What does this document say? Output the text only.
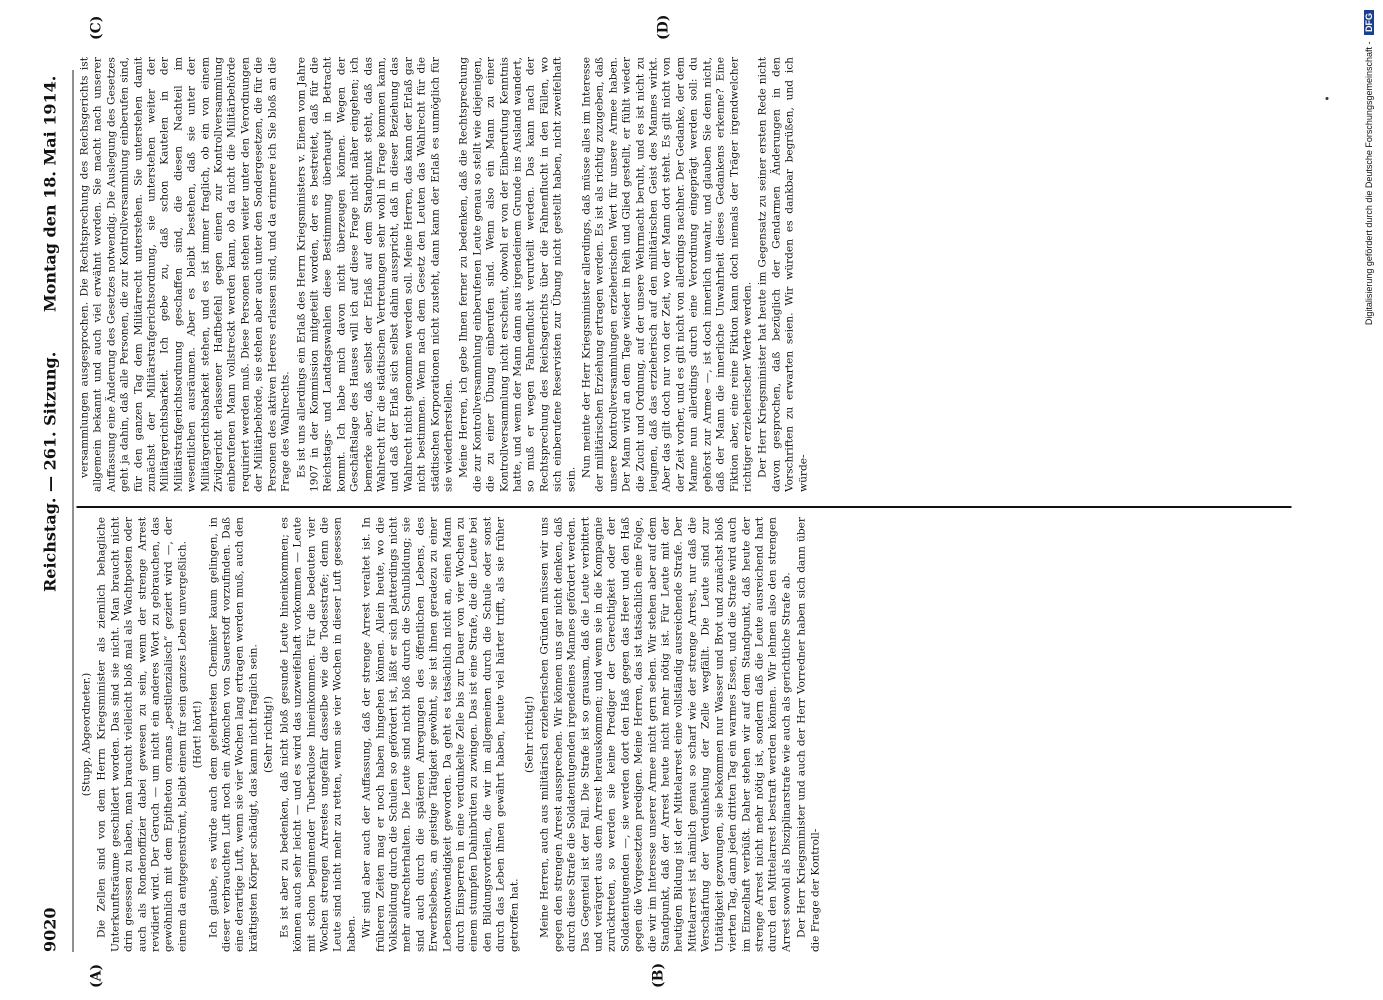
9020
Reichstag. — 261. Sitzung.
Montag den 18. Mai 1914.
(A)	(B)
(C)	(D)

(Stupp, Abgeordneter.) Die Zellen sind von dem Herrn Kriegsminister als ziemlich behagliche Unterkunftsräume geschildert worden. Das sind sie nicht. Man braucht nicht drin gesessen zu haben, man braucht vielleicht bloß mal als Wachtposten oder auch als Rondenoffizier dabei gewesen zu sein, wenn der strenge Arrest revidiert wird. Der Geruch — um nicht ein anderes Wort zu gebrauchen, das gewöhnlich mit dem Epitheton ornans „pestilenzialisch“ geziert wird —, der einem da entgegenströmt, bleibt einem für sein ganzes Leben unvergeßlich. (Hört! hört!) Ich glaube, es würde auch dem gelehrtesten Chemiker kaum gelingen, in dieser verbrauchten Luft noch ein Atömchen von Sauerstoff vorzufinden. Daß eine derartige Luft, wenn sie vier Wochen lang ertragen werden muß, auch den kräftigsten Körper schädigt, das kann nicht fraglich sein. (Sehr richtig!) Es ist aber zu bedenken, daß nicht bloß gesunde Leute hineinkommen; es können auch sehr leicht — und es wird das unzweifelhaft vorkommen — Leute mit schon beginnender Tuberkulose hineinkommen. Für die bedeuten vier Wochen strengen Arrestes ungefähr dasselbe wie die Todesstrafe; denn die Leute sind nicht mehr zu retten, wenn sie vier Wochen in dieser Luft gesessen haben. Wir sind aber auch der Auffassung, daß der strenge Arrest veraltet ist. In früheren Zeiten mag er noch haben hingehen können. Allein heute, wo die Volksbildung durch die Schulen so gefördert ist, läßt er sich platterdings nicht mehr aufrechterhalten. Die Leute sind nicht bloß durch die Schulbildung; sie sind auch durch die späteren Anregungen des öffentlichen Lebens, des Erwerbslebens, an geistige Tätigkeit gewöhnt, sie ist ihnen geradezu zu einer Lebensnotwendigkeit geworden. Da geht es tatsächlich nicht an, einen Mann durch Einsperren in eine verdunkelte Zelle bis zur Dauer von vier Wochen zu einem stumpfen Dahinbrüten zu zwingen. Das ist eine Strafe, die die Leute bei den Bildungsvorteilen, die wir im allgemeinen durch die Schule oder sonst durch das Leben ihnen gewährt haben, heute viel härter trifft, als sie früher getroffen hat.

(Sehr richtig!) Meine Herren, auch aus militärisch erzieherischen Gründen müssen wir uns gegen den strengen Arrest aussprechen. Wir können uns gar nicht denken, daß durch diese Strafe die Soldatentugenden irgendeines Mannes gefördert werden. Das Gegenteil ist der Fall. Die Strafe ist so grausam, daß die Leute verbittert und verärgert aus dem Arrest herauskommen; und wenn sie in die Kompagnie zurücktreten, so werden sie keine Prediger der Gerechtigkeit oder der Soldatentugenden —, sie werden dort den Haß gegen das Heer und den Haß gegen die Vorgesetzten predigen. Meine Herren, das ist tatsächlich eine Folge, die wir im Interesse unserer Armee nicht gern sehen. Wir stehen aber auf dem Standpunkt, daß der Arrest heute nicht mehr nötig ist. Für Leute mit der heutigen Bildung ist der Mittelarrest eine vollständig ausreichende Strafe. Der Mittelarrest ist nämlich genau so scharf wie der strenge Arrest, nur daß die Verschärfung der Verdunkelung der Zelle wegfällt. Die Leute sind zur Untätigkeit gezwungen, sie bekommen nur Wasser und Brot und zunächst bloß vierten Tag, dann jeden dritten Tag ein warmes Essen, und die Strafe wird auch im Einzelhaft verbüßt. Daher stehen wir auf dem Standpunkt, daß heute der strenge Arrest nicht mehr nötig ist, sondern daß die Leute ausreichend hart durch den Mittelarrest bestraft werden können. Wir lehnen also den strengen Arrest sowohl als Disziplinarstrafe wie auch als gerichtliche Strafe ab. Der Herr Kriegsminister und auch der Herr Vorredner haben sich dann über die Frage der Kontroll-

versammlungen ausgesprochen. Die Rechtsprechung des Reichsgerichts ist allgemein bekannt und auch viel erwähnt worden. Sie macht nach unserer Auffassung eine Änderung des Gesetzes notwendig. Die Auslegung des Gesetzes geht ja dahin, daß alle Personen, die zur Kontrollversammlung einberufen sind, für den ganzen Tag dem Militärrecht unterstehen. Sie unterstehen damit zunächst der Militärstrafgerichtsordnung, sie unterstehen weiter der Militärgerichtsbarkeit. Ich gebe zu, daß schon Kautelen in der Militärstrafgerichtsordnung geschaffen sind, die diesen Nachteil im wesentlichen ausräumen. Aber es bleibt bestehen, daß sie unter der Militärgerichtsbarkeit stehen, und es ist immer fraglich, ob ein von einem Zivilgericht erlassener Haftbefehl gegen einen zur Kontrollversammlung einberufenen Mann vollstreckt werden kann, ob da nicht die Militärbehörde requiriert werden muß. Diese Personen stehen weiter unter den Verordnungen der Militärbehörde, sie stehen aber auch unter den Sondergesetzen, die für die Personen des aktiven Heeres erlassen sind, und da erinnere ich Sie bloß an die Frage des Wahlrechts. Es ist uns allerdings ein Erlaß des Herrn Kriegsministers v. Einem vom Jahre 1907 in der Kommission mitgeteilt worden, der es bestreitet, daß für die Reichstags- und Landtagswahlen diese Bestimmung überhaupt in Betracht kommt. Ich habe mich davon nicht überzeugen können. Wegen der Geschäftslage des Hauses will ich auf diese Frage nicht näher eingehen; ich bemerke aber, daß selbst der Erlaß auf dem Standpunkt steht, daß das Wahlrecht für die städtischen Vertretungen sehr wohl in Frage kommen kann, und daß der Erlaß sich selbst dahin ausspricht, daß in dieser Beziehung das Wahlrecht nicht genommen werden soll. Meine Herren, das kann der Erlaß gar nicht bestimmen. Wenn nach dem Gesetz den Leuten das Wahlrecht für die städtischen Korporationen nicht zusteht, dann kann der Erlaß es unmöglich für sie wiederherstellen. Meine Herren, ich gebe Ihnen ferner zu bedenken, daß die Rechtsprechung die zur Kontrollversammlung einberufenen Leute genau so stellt wie diejenigen, die zu einer Übung einberufen sind. Wenn also ein Mann zu einer Kontrollversammlung nicht erscheint, obwohl er von der Einberufung Kenntnis hatte, und wenn der Mann dann aus irgendeinem Grunde ins Ausland wandert, so muß er wegen Fahnenflucht verurteilt werden. Das kann nach der Rechtsprechung des Reichsgerichts über die Fahnenflucht in den Fällen, wo sich einberufene Reservisten zur Übung nicht gestellt haben, nicht zweifelhaft sein.

Nun meinte der Herr Kriegsminister allerdings, daß müsse alles im Interesse der militärischen Erziehung ertragen werden. Es ist als richtig zuzugeben, daß unsere Kontrollversammlungen erzieherischen Wert für unsere Armee haben. Der Mann wird an dem Tage wieder in Reih und Glied gestellt, er fühlt wieder die Zucht und Ordnung, auf der unsere Wehrmacht beruht, und es ist nicht zu leugnen, daß das erzieherisch auf den militärischen Geist des Mannes wirkt. Aber das gilt doch nur von der Zeit, wo der Mann dort steht. Es gilt nicht von der Zeit vorher, und es gilt nicht von allerdings nachher. Der Gedanke, der dem Manne nun allerdings durch eine Verordnung eingeprägt werden soll: du gehörst zur Armee —, ist doch innerlich unwahr, und glauben Sie denn nicht, daß der Mann die innerliche Unwahrheit dieses Gedankens erkenne? Eine Fiktion aber, eine reine Fiktion kann doch niemals der Träger irgendwelcher richtiger erzieherischer Werte werden. Der Herr Kriegsminister hat heute im Gegensatz zu seiner ersten Rede nicht davon gesprochen, daß bezüglich der Gendarmen Änderungen in den Vorschriften zu erwarten seien. Wir würden es dankbar begrüßen, und ich würde-

Digitalisierung gefördert durch die Deutsche Forschungsgemeinschaft - DFG
